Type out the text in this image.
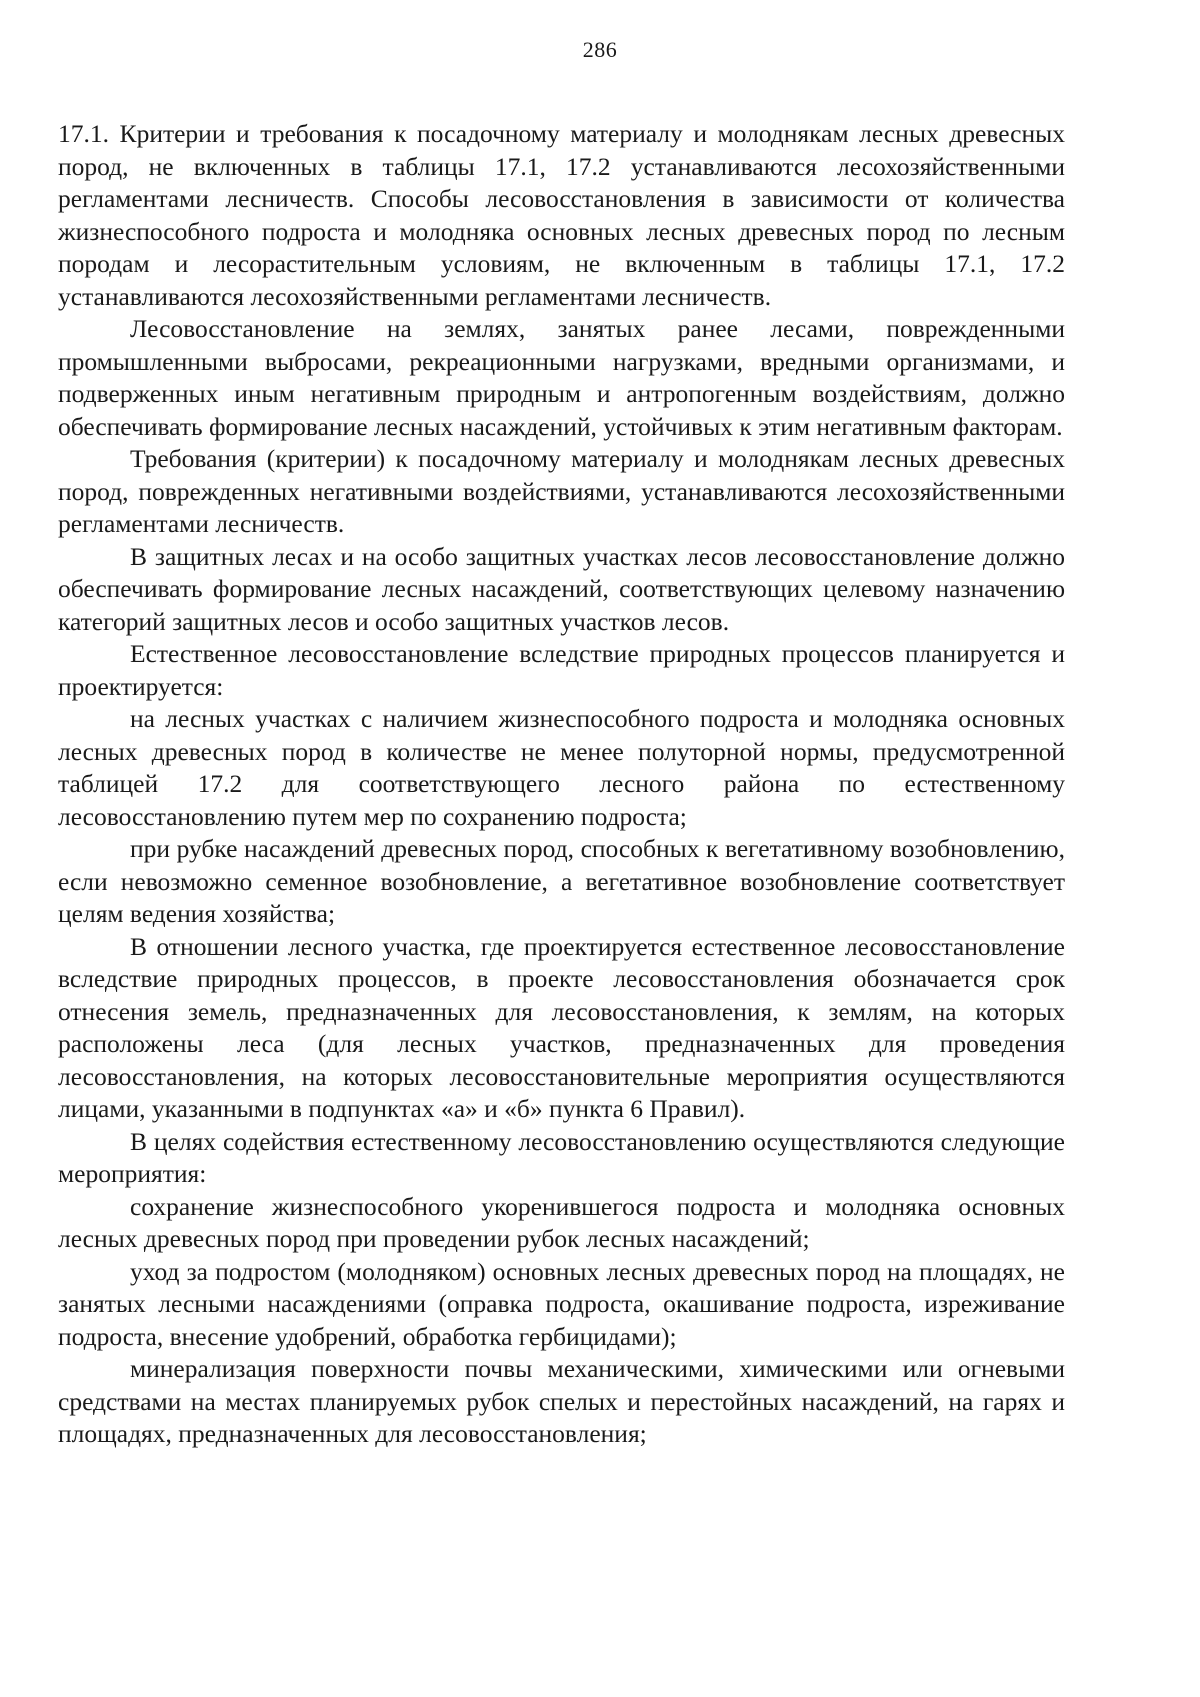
286

17.1. Критерии и требования к посадочному материалу и молоднякам лесных древесных пород, не включенных в таблицы 17.1, 17.2 устанавливаются лесохозяйственными регламентами лесничеств. Способы лесовосстановления в зависимости от количества жизнеспособного подроста и молодняка основных лесных древесных пород по лесным породам и лесорастительным условиям, не включенным в таблицы 17.1, 17.2 устанавливаются лесохозяйственными регламентами лесничеств.

Лесовосстановление на землях, занятых ранее лесами, поврежденными промышленными выбросами, рекреационными нагрузками, вредными организмами, и подверженных иным негативным природным и антропогенным воздействиям, должно обеспечивать формирование лесных насаждений, устойчивых к этим негативным факторам.

Требования (критерии) к посадочному материалу и молоднякам лесных древесных пород, поврежденных негативными воздействиями, устанавливаются лесохозяйственными регламентами лесничеств.

В защитных лесах и на особо защитных участках лесов лесовосстановление должно обеспечивать формирование лесных насаждений, соответствующих целевому назначению категорий защитных лесов и особо защитных участков лесов.

Естественное лесовосстановление вследствие природных процессов планируется и проектируется:

на лесных участках с наличием жизнеспособного подроста и молодняка основных лесных древесных пород в количестве не менее полуторной нормы, предусмотренной таблицей 17.2 для соответствующего лесного района по естественному лесовосстановлению путем мер по сохранению подроста;

при рубке насаждений древесных пород, способных к вегетативному возобновлению, если невозможно семенное возобновление, а вегетативное возобновление соответствует целям ведения хозяйства;

В отношении лесного участка, где проектируется естественное лесовосстановление вследствие природных процессов, в проекте лесовосстановления обозначается срок отнесения земель, предназначенных для лесовосстановления, к землям, на которых расположены леса (для лесных участков, предназначенных для проведения лесовосстановления, на которых лесовосстановительные мероприятия осуществляются лицами, указанными в подпунктах «а» и «б» пункта 6 Правил).

В целях содействия естественному лесовосстановлению осуществляются следующие мероприятия:

сохранение жизнеспособного укоренившегося подроста и молодняка основных лесных древесных пород при проведении рубок лесных насаждений;

уход за подростом (молодняком) основных лесных древесных пород на площадях, не занятых лесными насаждениями (оправка подроста, окашивание подроста, изреживание подроста, внесение удобрений, обработка гербицидами);

минерализация поверхности почвы механическими, химическими или огневыми средствами на местах планируемых рубок спелых и перестойных насаждений, на гарях и площадях, предназначенных для лесовосстановления;
